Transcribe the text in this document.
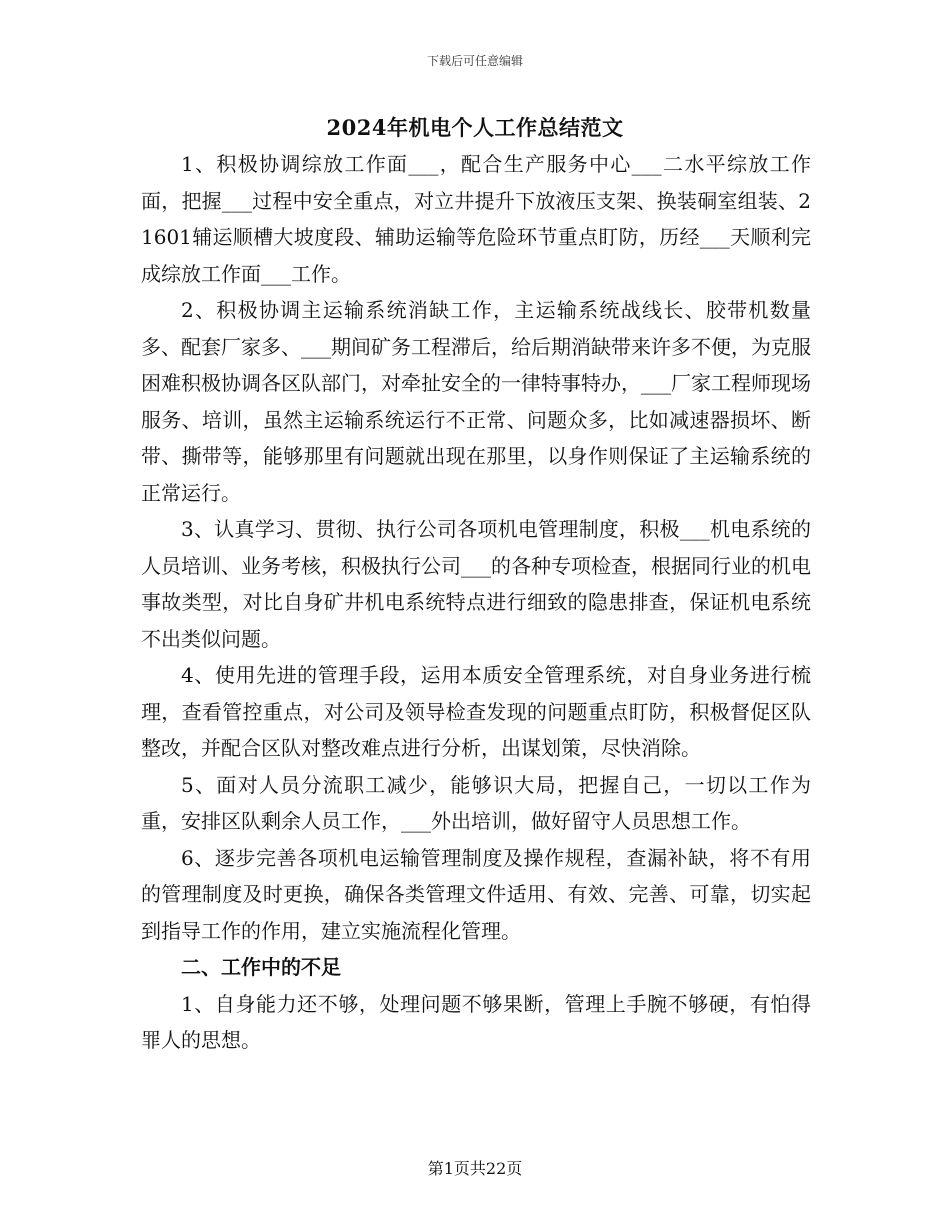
下载后可任意编辑
2024年机电个人工作总结范文

1、积极协调综放工作面___，配合生产服务中心___二水平综放工作面，把握___过程中安全重点，对立井提升下放液压支架、换装硐室组装、21601辅运顺槽大坡度段、辅助运输等危险环节重点盯防，历经___天顺利完成综放工作面___工作。

2、积极协调主运输系统消缺工作，主运输系统战线长、胶带机数量多、配套厂家多、___期间矿务工程滞后，给后期消缺带来许多不便，为克服困难积极协调各区队部门，对牵扯安全的一律特事特办，___厂家工程师现场服务、培训，虽然主运输系统运行不正常、问题众多，比如减速器损坏、断带、撕带等，能够那里有问题就出现在那里，以身作则保证了主运输系统的正常运行。

3、认真学习、贯彻、执行公司各项机电管理制度，积极___机电系统的人员培训、业务考核，积极执行公司___的各种专项检查，根据同行业的机电事故类型，对比自身矿井机电系统特点进行细致的隐患排查，保证机电系统不出类似问题。

4、使用先进的管理手段，运用本质安全管理系统，对自身业务进行梳理，查看管控重点，对公司及领导检查发现的问题重点盯防，积极督促区队整改，并配合区队对整改难点进行分析，出谋划策，尽快消除。

5、面对人员分流职工减少，能够识大局，把握自己，一切以工作为重，安排区队剩余人员工作，___外出培训，做好留守人员思想工作。

6、逐步完善各项机电运输管理制度及操作规程，查漏补缺，将不有用的管理制度及时更换，确保各类管理文件适用、有效、完善、可靠，切实起到指导工作的作用，建立实施流程化管理。

二、工作中的不足

1、自身能力还不够，处理问题不够果断，管理上手腕不够硬，有怕得罪人的思想。

第1页共22页
